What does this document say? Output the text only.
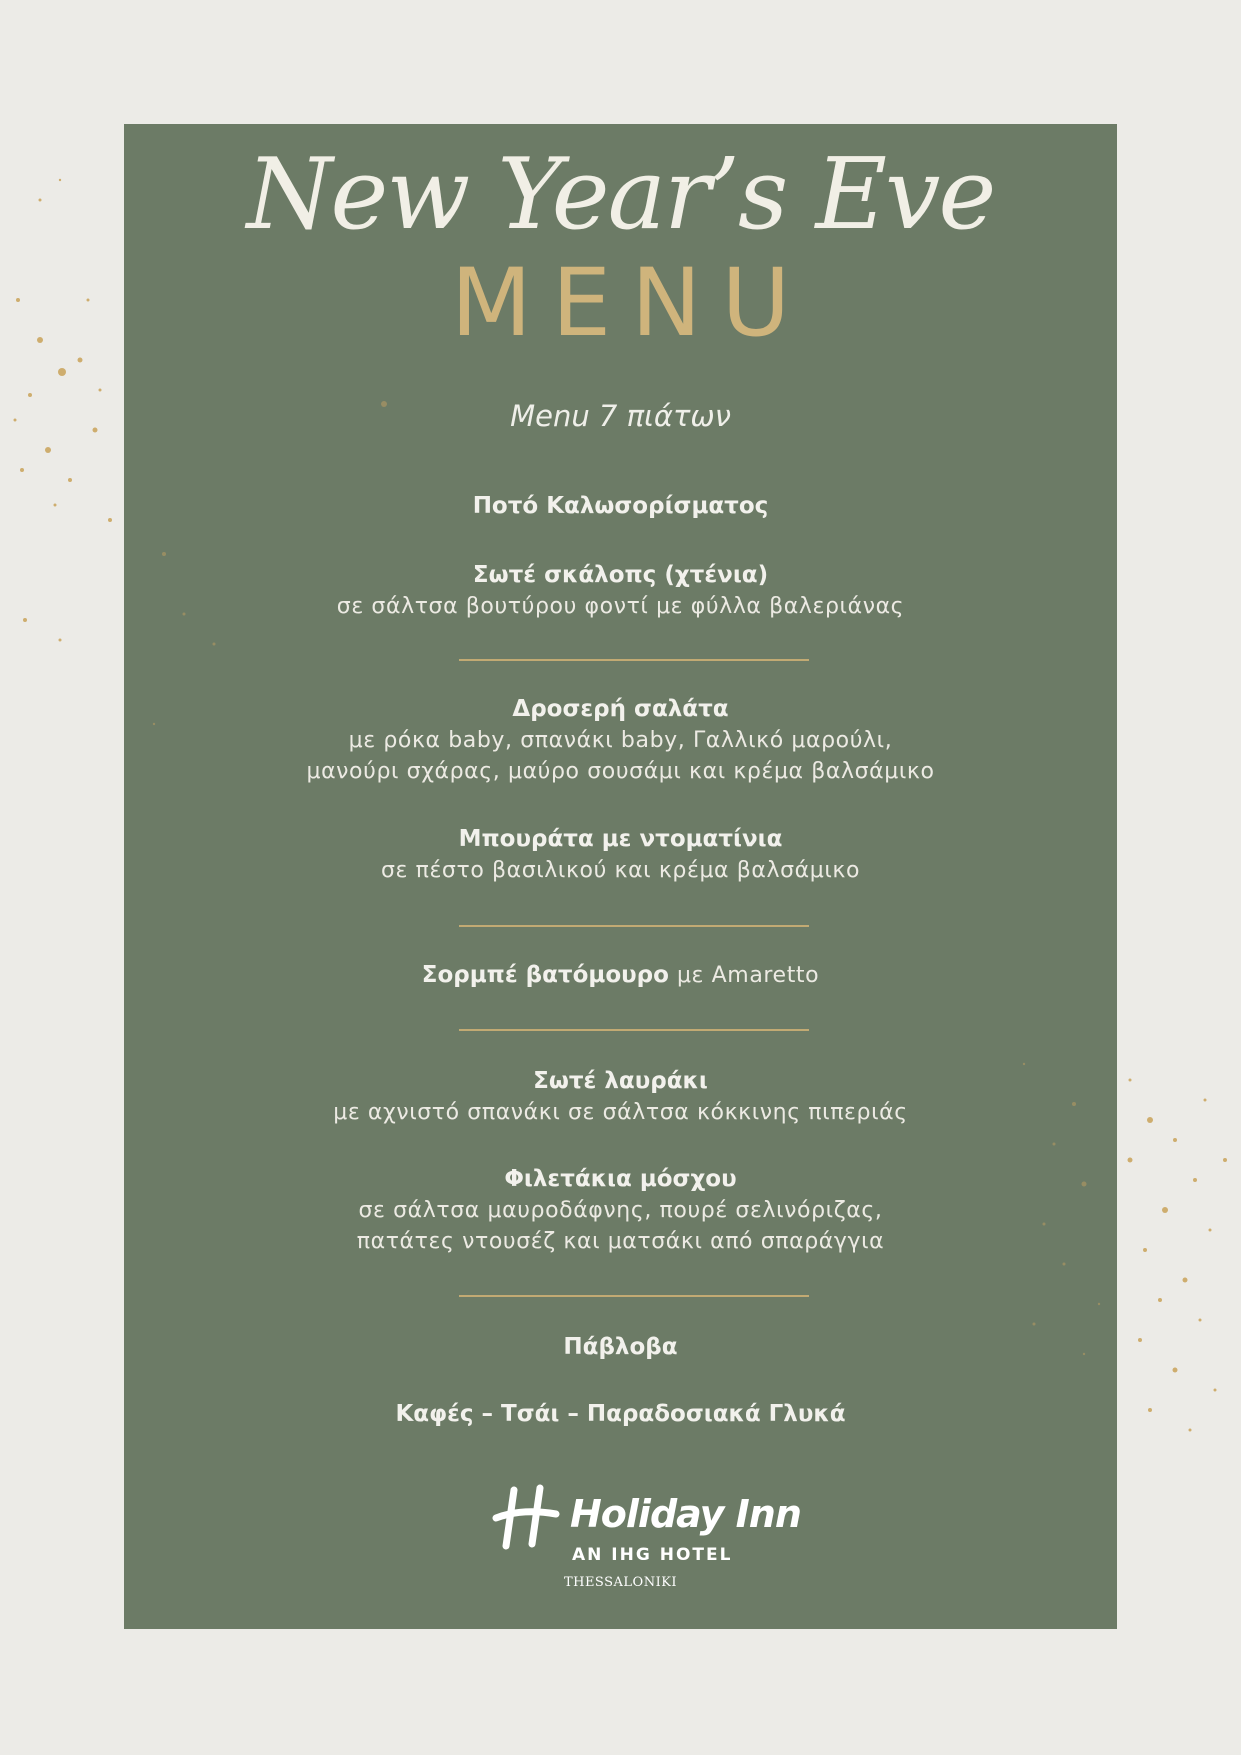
New Year’s Eve
MENU
Menu 7 πιάτων
Ποτό Καλωσορίσματος
Σωτέ σκάλοπς (χτένια)
σε σάλτσα βουτύρου φοντί με φύλλα βαλεριάνας
Δροσερή σαλάτα
με ρόκα baby, σπανάκι baby, Γαλλικό μαρούλι,
μανούρι σχάρας, μαύρο σουσάμι και κρέμα βαλσάμικο
Μπουράτα με ντοματίνια
σε πέστο βασιλικού και κρέμα βαλσάμικο
Σορμπέ βατόμουρο με Amaretto
Σωτέ λαυράκι
με αχνιστό σπανάκι σε σάλτσα κόκκινης πιπεριάς
Φιλετάκια μόσχου
σε σάλτσα μαυροδάφνης, πουρέ σελινόριζας,
πατάτες ντουσέζ και ματσάκι από σπαράγγια
Πάβλοβα
Καφές – Τσάι – Παραδοσιακά Γλυκά
Holiday Inn
AN IHG HOTEL
THESSALONIKI
